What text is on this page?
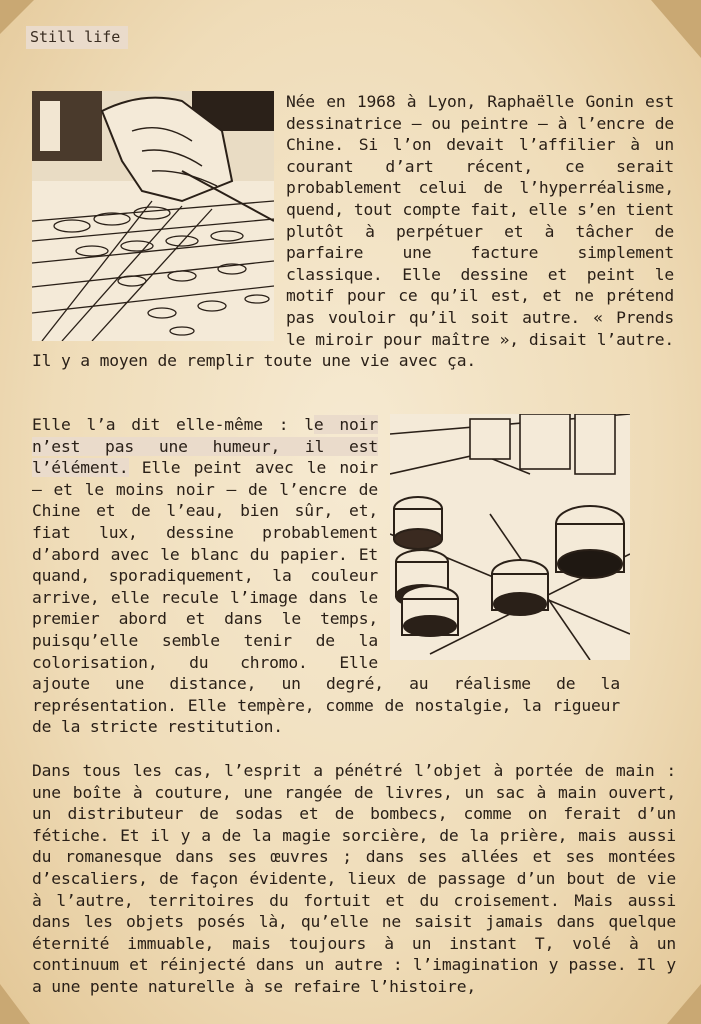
Still life
Née en 1968 à Lyon, Raphaëlle Gonin est dessinatrice — ou peintre — à l’encre de Chine. Si l’on devait l’affilier à un courant d’art récent, ce serait probablement celui de l’hyperréalisme, quend, tout compte fait, elle s’en tient plutôt à perpétuer et à tâcher de parfaire une facture simplement classique. Elle dessine et peint le motif pour ce qu’il est, et ne prétend pas vouloir qu’il soit autre. « Prends le miroir pour maître », disait l’autre. Il y a moyen de remplir toute une vie avec ça.
Elle l’a dit elle-même : le noir n’est pas une humeur, il est l’élément. Elle peint avec le noir — et le moins noir — de l’encre de Chine et de l’eau, bien sûr, et, fiat lux, dessine probablement d’abord avec le blanc du papier. Et quand, sporadiquement, la couleur arrive, elle recule l’image dans le premier abord et dans le temps, puisqu’elle semble tenir de la colorisation, du chromo. Elle ajoute une distance, un degré, au réalisme de la représentation. Elle tempère, comme de nostalgie, la rigueur de la stricte restitution.
Dans tous les cas, l’esprit a pénétré l’objet à portée de main : une boîte à couture, une rangée de livres, un sac à main ouvert, un distributeur de sodas et de bombecs, comme on ferait d’un fétiche. Et il y a de la magie sorcière, de la prière, mais aussi du romanesque dans ses œuvres ; dans ses allées et ses montées d’escaliers, de façon évidente, lieux de passage d’un bout de vie à l’autre, territoires du fortuit et du croisement. Mais aussi dans les objets posés là, qu’elle ne saisit jamais dans quelque éternité immuable, mais toujours à un instant T, volé à un continuum et réinjecté dans un autre : l’imagination y passe. Il y a une pente naturelle à se refaire l’histoire,
